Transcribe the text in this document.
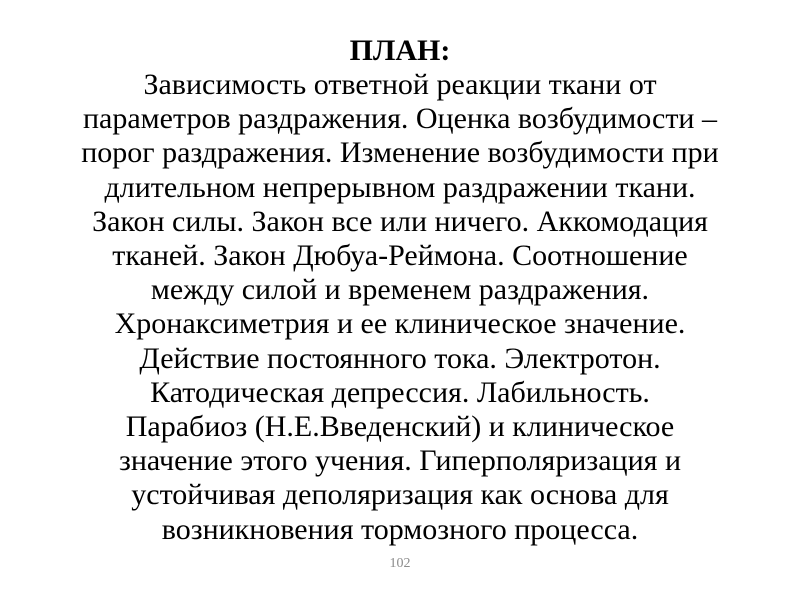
ПЛАН:
Зависимость ответной реакции ткани от
параметров раздражения. Оценка возбудимости –
порог раздражения. Изменение возбудимости при
длительном непрерывном раздражении ткани.
Закон силы. Закон все или ничего. Аккомодация
тканей. Закон Дюбуа-Реймона. Соотношение
между силой и временем раздражения.
Хронаксиметрия и ее клиническое значение.
Действие постоянного тока. Электротон.
Катодическая депрессия. Лабильность.
Парабиоз (Н.Е.Введенский) и клиническое
значение этого учения. Гиперполяризация и
устойчивая деполяризация как основа для
возникновения тормозного процесса.
102
